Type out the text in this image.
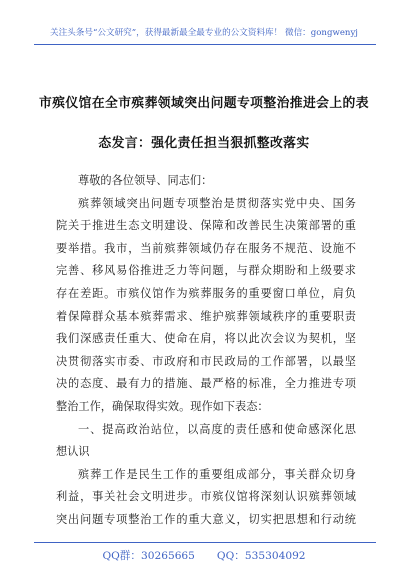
关注头条号“公文研究”，获得最新最全最专业的公文资料库！ 微信：gongwenyj
市殡仪馆在全市殡葬领域突出问题专项整治推进会上的表
态发言：强化责任担当狠抓整改落实
尊敬的各位领导、同志们：
殡葬领域突出问题专项整治是贯彻落实党中央、国务
院关于推进生态文明建设、保障和改善民生决策部署的重
要举措。我市，当前殡葬领域仍存在服务不规范、设施不
完善、移风易俗推进乏力等问题，与群众期盼和上级要求
存在差距。市殡仪馆作为殡葬服务的重要窗口单位，肩负
着保障群众基本殡葬需求、维护殡葬领域秩序的重要职责
我们深感责任重大、使命在肩，将以此次会议为契机，坚
决贯彻落实市委、市政府和市民政局的工作部署，以最坚
决的态度、最有力的措施、最严格的标准，全力推进专项
整治工作，确保取得实效。现作如下表态：
一、提高政治站位，以高度的责任感和使命感深化思
想认识
殡葬工作是民生工作的重要组成部分，事关群众切身
利益，事关社会文明进步。市殡仪馆将深刻认识殡葬领域
突出问题专项整治工作的重大意义，切实把思想和行动统
QQ群：30265665 QQ：535304092
